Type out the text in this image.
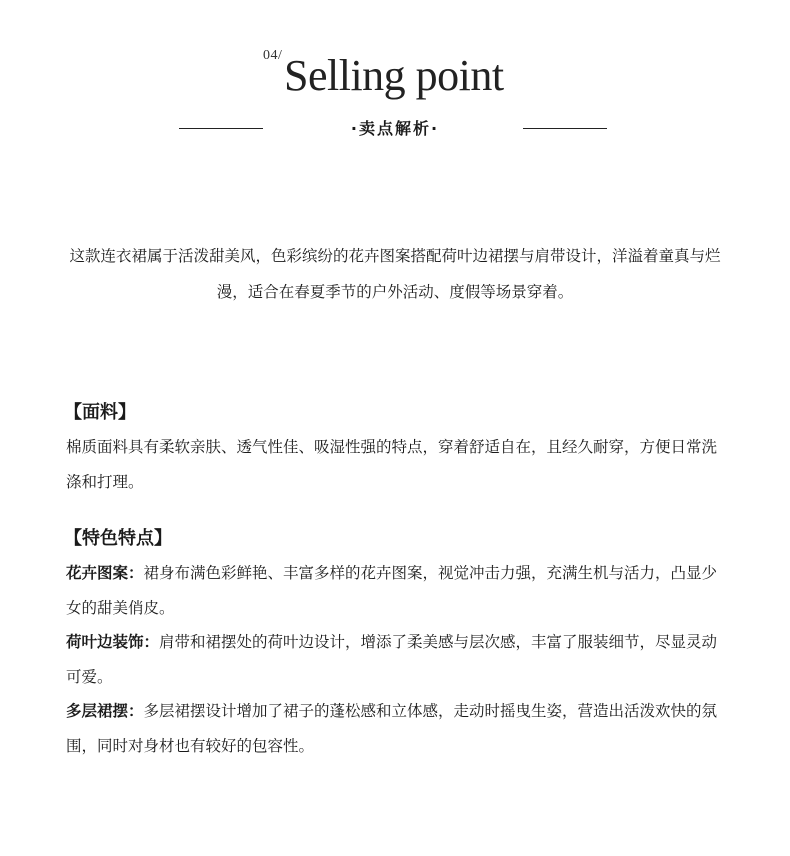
04/ Selling point
·卖点解析·

这款连衣裙属于活泼甜美风，色彩缤纷的花卉图案搭配荷叶边裙摆与肩带设计，洋溢着童真与烂漫，适合在春夏季节的户外活动、度假等场景穿着。

【面料】

棉质面料具有柔软亲肤、透气性佳、吸湿性强的特点，穿着舒适自在，且经久耐穿，方便日常洗涤和打理。

【特色特点】

花卉图案：裙身布满色彩鲜艳、丰富多样的花卉图案，视觉冲击力强，充满生机与活力，凸显少女的甜美俏皮。

荷叶边装饰：肩带和裙摆处的荷叶边设计，增添了柔美感与层次感，丰富了服装细节，尽显灵动可爱。

多层裙摆：多层裙摆设计增加了裙子的蓬松感和立体感，走动时摇曳生姿，营造出活泼欢快的氛围，同时对身材也有较好的包容性。
